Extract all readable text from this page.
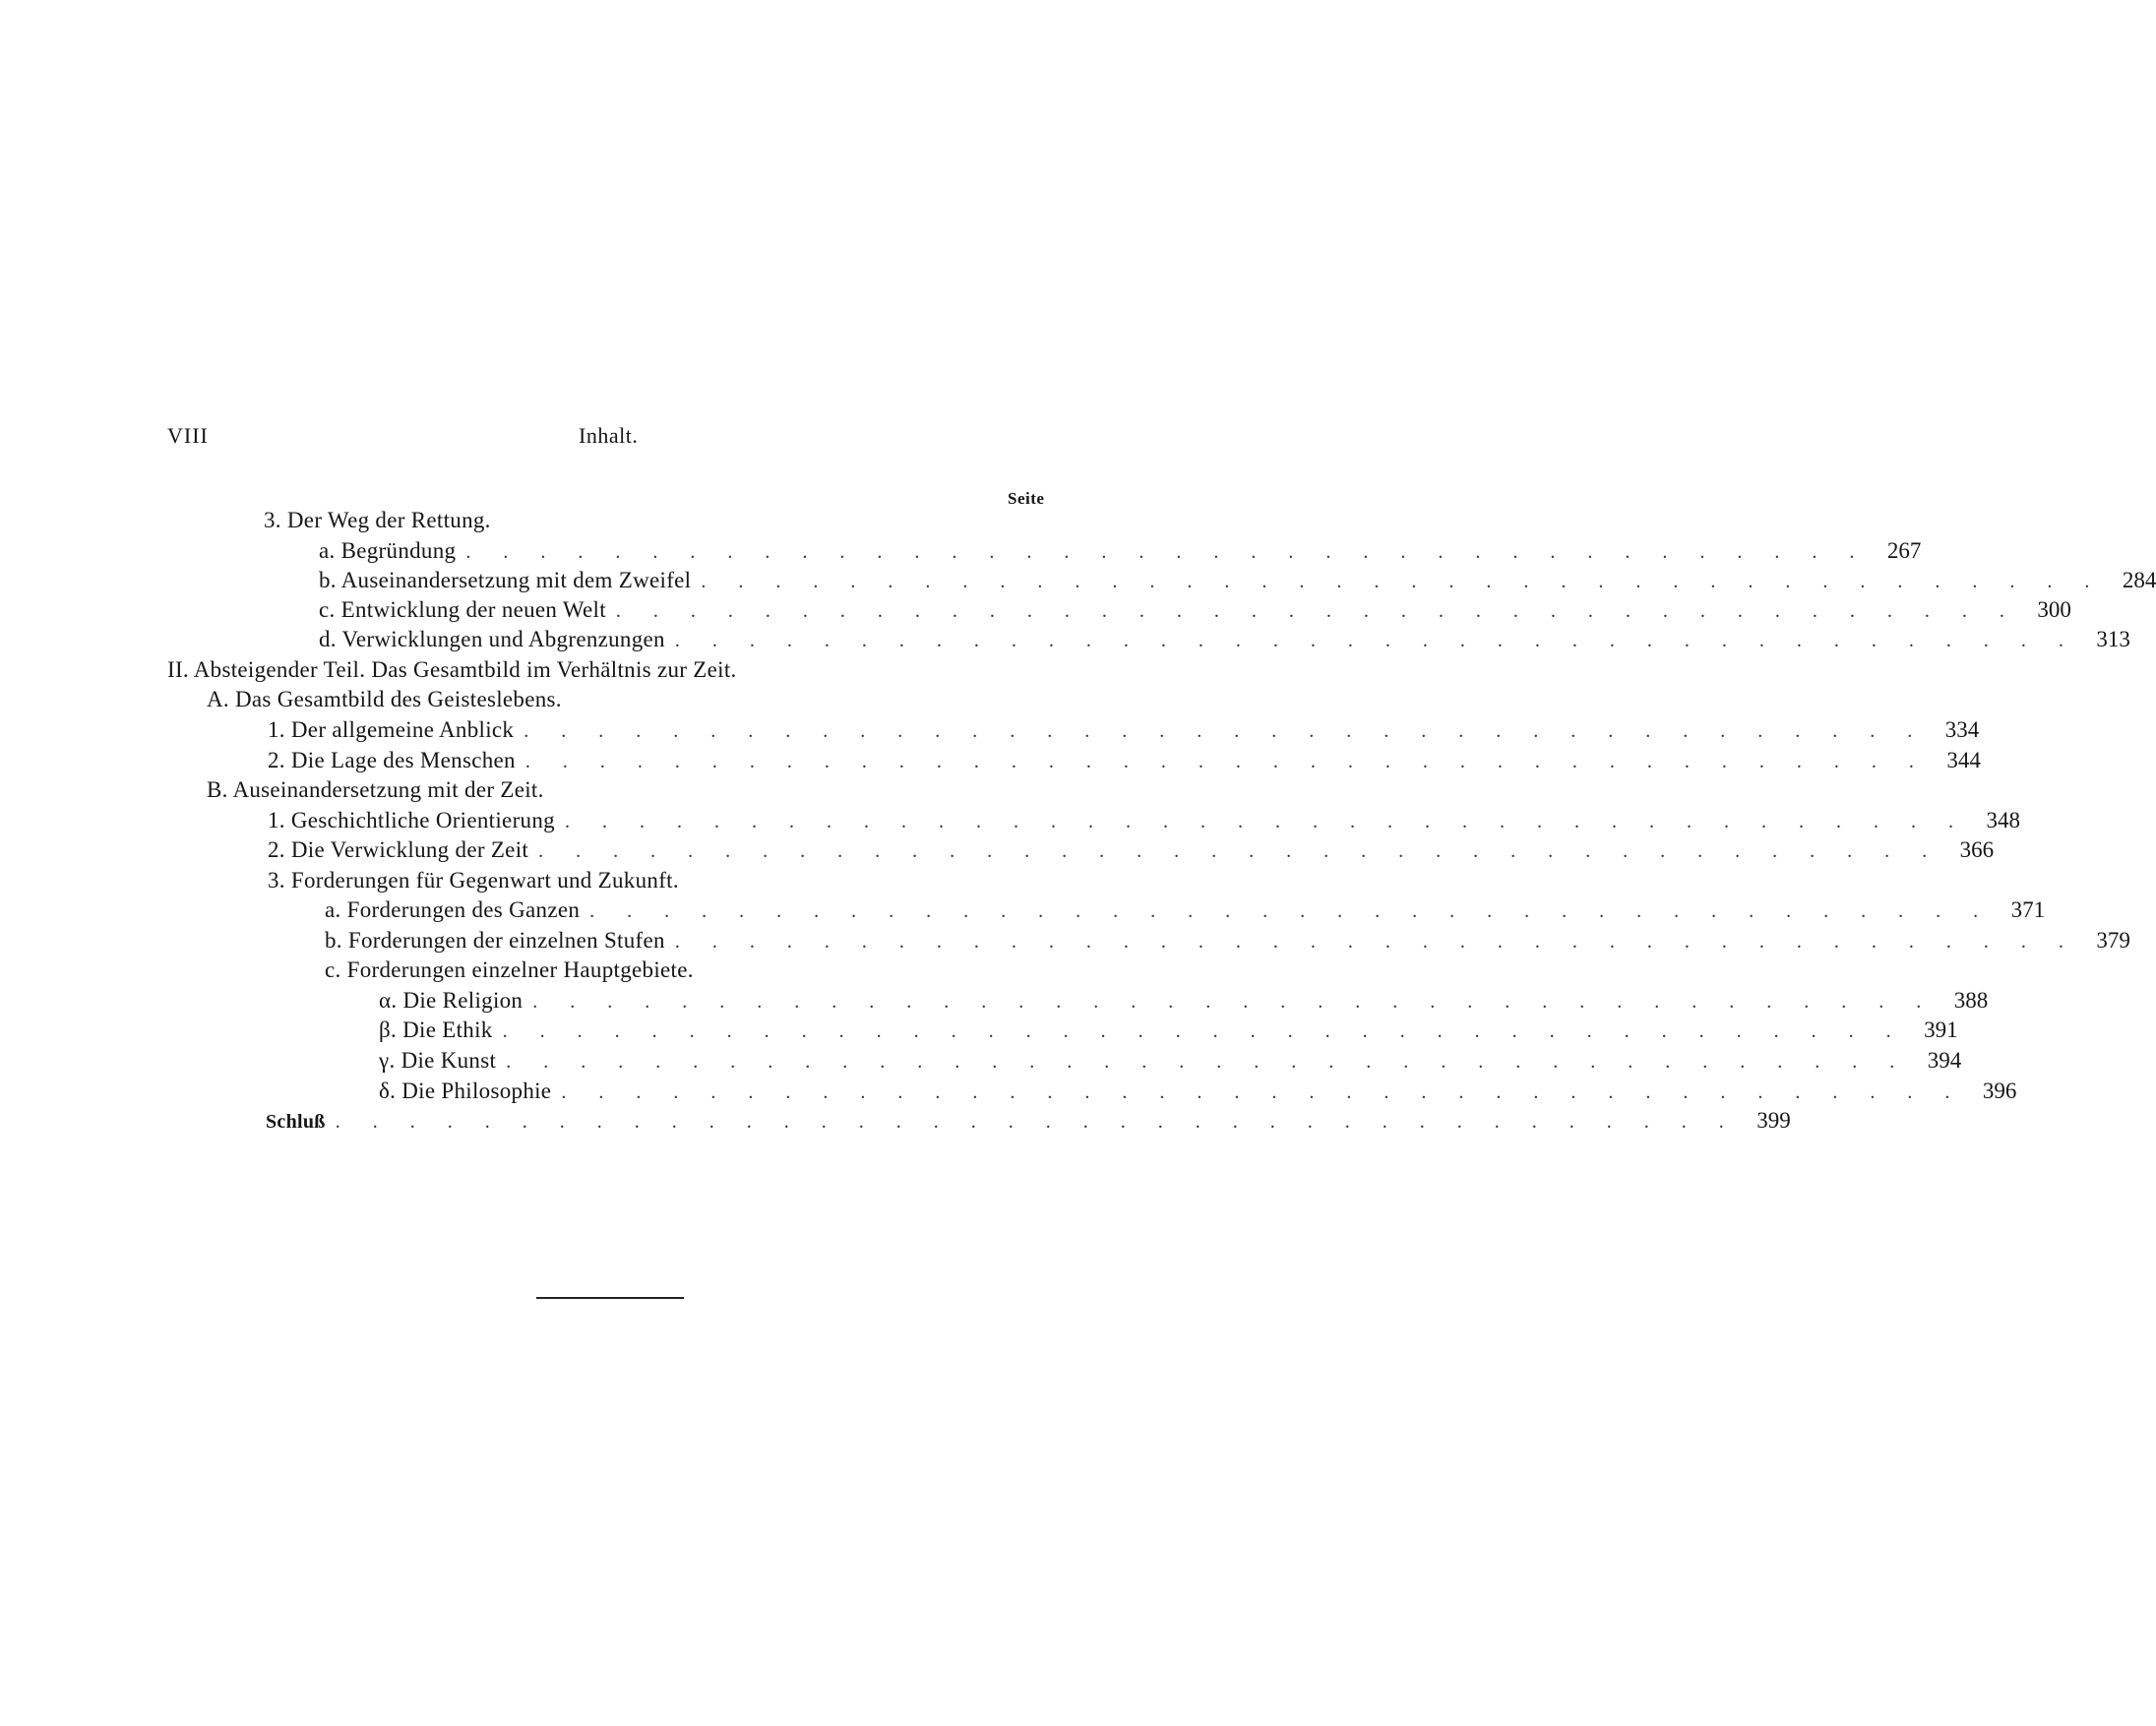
VIII	Inhalt.
Seite
3. Der Weg der Rettung.
a. Begründung . . . . . . . . . . . . . . . . . . . . . . . . . . . . . . . . . . . . . . 267
b. Auseinandersetzung mit dem Zweifel . . . . . . . . . . . . . . . . . . . . . . . . . . . . . . . . . . . . . . 284
c. Entwicklung der neuen Welt . . . . . . . . . . . . . . . . . . . . . . . . . . . . . . . . . . . . . . 300
d. Verwicklungen und Abgrenzungen . . . . . . . . . . . . . . . . . . . . . . . . . . . . . . . . . . . . . . 313
II. Absteigender Teil. Das Gesamtbild im Verhältnis zur Zeit.
A. Das Gesamtbild des Geisteslebens.
1. Der allgemeine Anblick . . . . . . . . . . . . . . . . . . . . . . . . . . . . . . . . . . . . . . 334
2. Die Lage des Menschen . . . . . . . . . . . . . . . . . . . . . . . . . . . . . . . . . . . . . . 344
B. Auseinandersetzung mit der Zeit.
1. Geschichtliche Orientierung . . . . . . . . . . . . . . . . . . . . . . . . . . . . . . . . . . . . . . 348
2. Die Verwicklung der Zeit . . . . . . . . . . . . . . . . . . . . . . . . . . . . . . . . . . . . . . 366
3. Forderungen für Gegenwart und Zukunft.
a. Forderungen des Ganzen . . . . . . . . . . . . . . . . . . . . . . . . . . . . . . . . . . . . . . 371
b. Forderungen der einzelnen Stufen . . . . . . . . . . . . . . . . . . . . . . . . . . . . . . . . . . . . . . 379
c. Forderungen einzelner Hauptgebiete.
α. Die Religion . . . . . . . . . . . . . . . . . . . . . . . . . . . . . . . . . . . . . . 388
β. Die Ethik . . . . . . . . . . . . . . . . . . . . . . . . . . . . . . . . . . . . . . 391
γ. Die Kunst . . . . . . . . . . . . . . . . . . . . . . . . . . . . . . . . . . . . . . 394
δ. Die Philosophie . . . . . . . . . . . . . . . . . . . . . . . . . . . . . . . . . . . . . . 396
Schluß . . . . . . . . . . . . . . . . . . . . . . . . . . . . . . . . . . . . . . 399
